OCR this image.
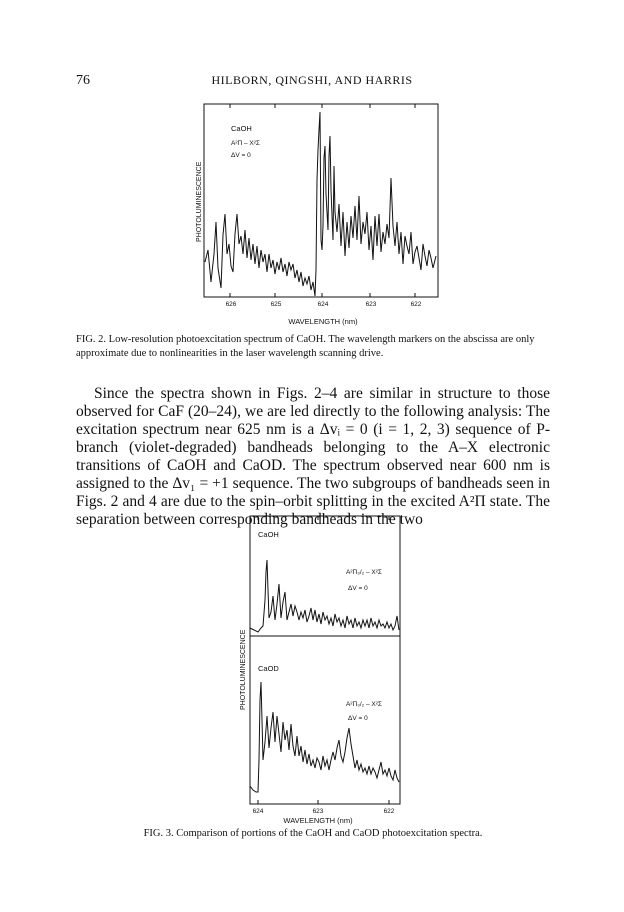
76	HILBORN, QINGSHI, AND HARRIS
CaOH
A²Π – X²Σ
ΔV = 0
PHOTOLUMINESCENCE
626	625	624	623	622
WAVELENGTH (nm)
CaOH
A²Π₃/₂ – X²Σ
ΔV = 0
CaOD
A²Π₃/₂ – X²Σ
ΔV = 0
PHOTOLUMINESCENCE
624	623	622
WAVELENGTH (nm)
FIG. 2. Low-resolution photoexcitation spectrum of CaOH. The wavelength markers on the abscissa are only approximate due to nonlinearities in the laser wavelength scanning drive.

Since the spectra shown in Figs. 2–4 are similar in structure to those observed for CaF (20–24), we are led directly to the following analysis: The excitation spectrum near 625 nm is a Δvᵢ = 0 (i = 1, 2, 3) sequence of P-branch (violet-degraded) bandheads belonging to the A–X electronic transitions of CaOH and CaOD. The spectrum observed near 600 nm is assigned to the Δv₁ = +1 sequence. The two subgroups of bandheads seen in Figs. 2 and 4 are due to the spin–orbit splitting in the excited A²Π state. The separation between corresponding bandheads in the two

FIG. 3. Comparison of portions of the CaOH and CaOD photoexcitation spectra.
